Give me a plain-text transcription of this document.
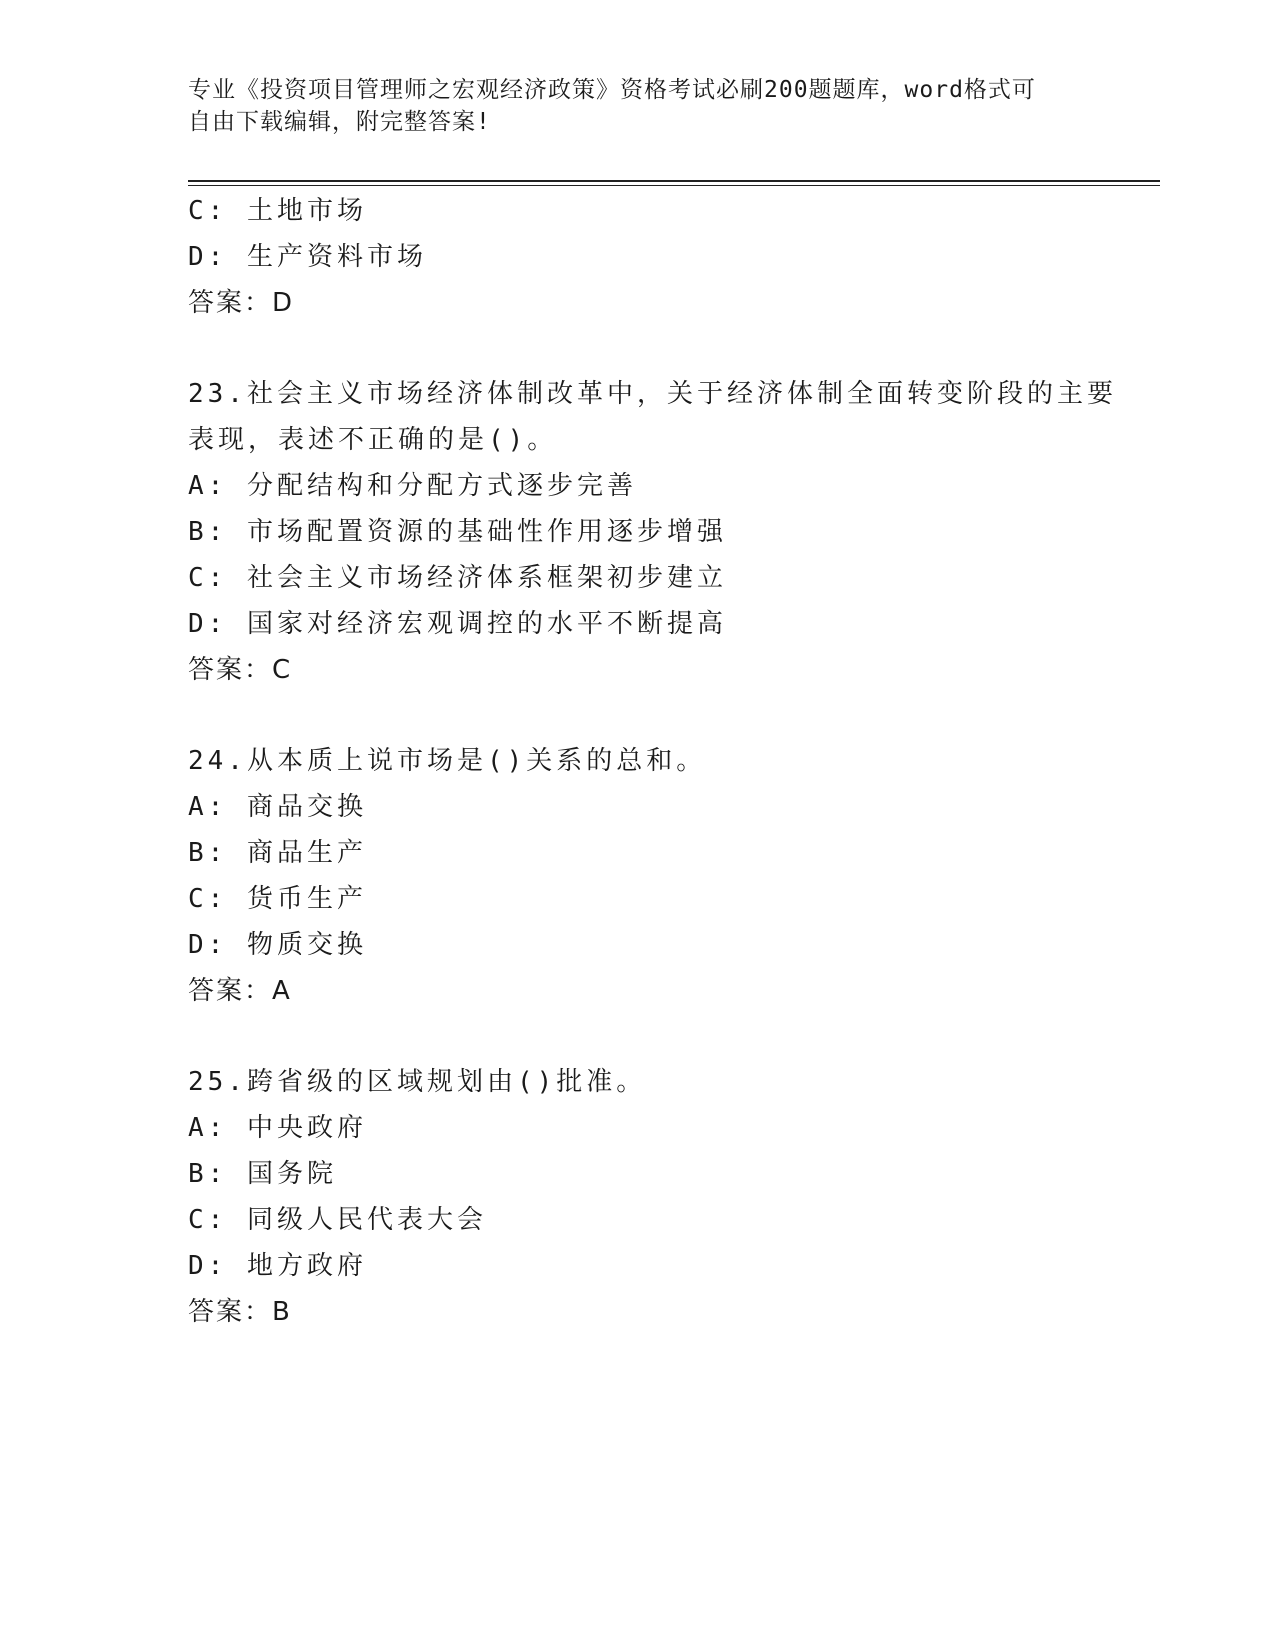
专业《投资项目管理师之宏观经济政策》资格考试必刷200题题库，word格式可

自由下载编辑，附完整答案!

C: 土地市场
D: 生产资料市场
答案：D
23.社会主义市场经济体制改革中，关于经济体制全面转变阶段的主要
表现，表述不正确的是()。
A: 分配结构和分配方式逐步完善
B: 市场配置资源的基础性作用逐步增强
C: 社会主义市场经济体系框架初步建立
D: 国家对经济宏观调控的水平不断提高
答案：C
24.从本质上说市场是()关系的总和。
A: 商品交换
B: 商品生产
C: 货币生产
D: 物质交换
答案：A
25.跨省级的区域规划由()批准。
A: 中央政府
B: 国务院
C: 同级人民代表大会
D: 地方政府
答案：B
